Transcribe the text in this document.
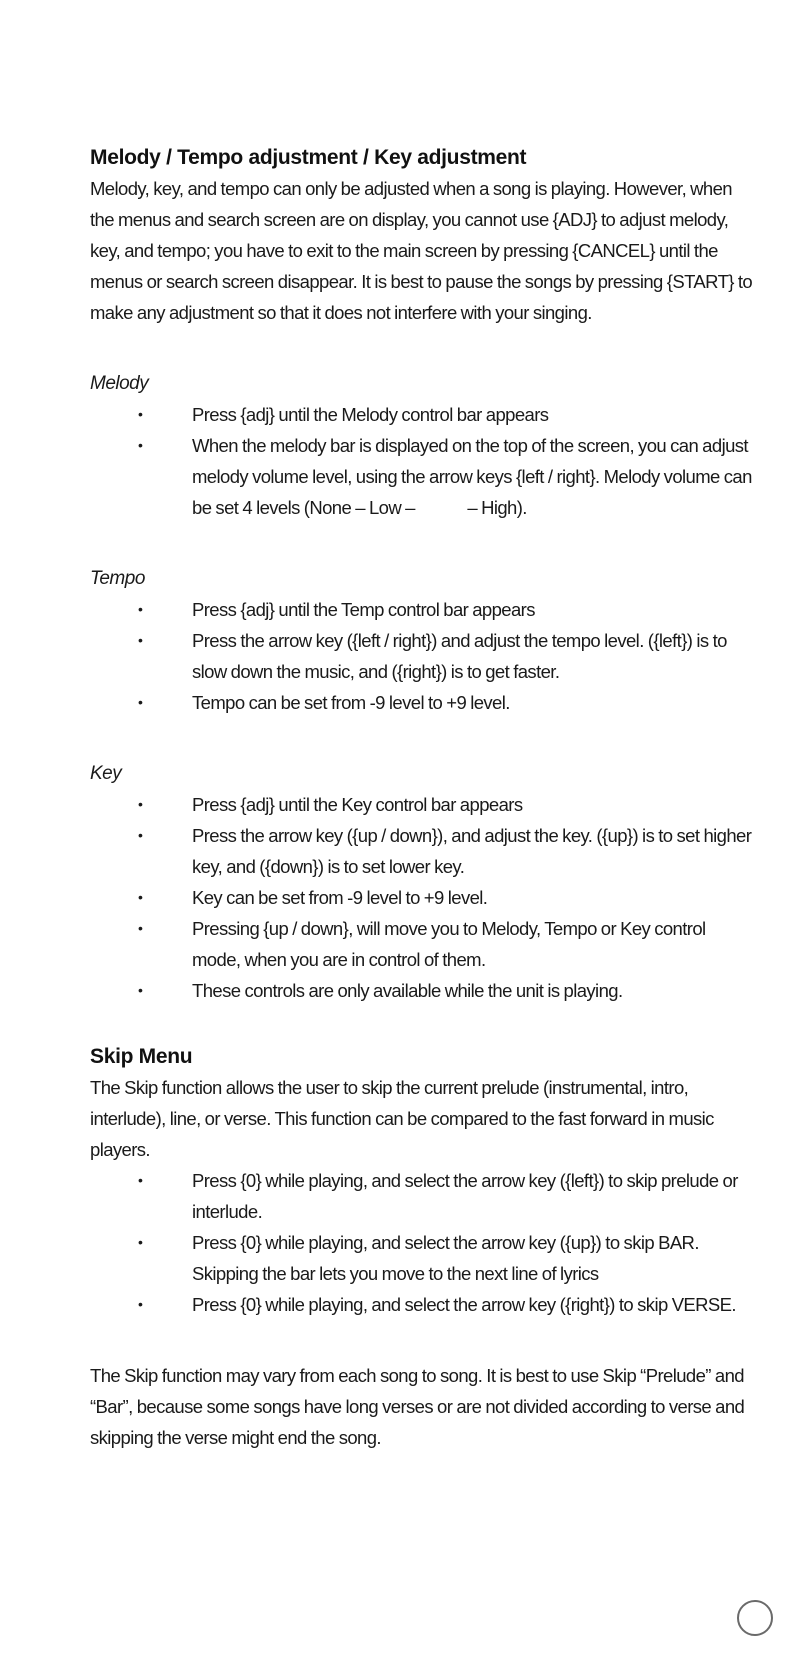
Melody / Tempo adjustment / Key adjustment

Melody, key, and tempo can only be adjusted when a song is playing. However, when the menus and search screen are on display, you cannot use {ADJ} to adjust melody, key, and tempo; you have to exit to the main screen by pressing {CANCEL} until the menus or search screen disappear. It is best to pause the songs by pressing {START} to make any adjustment so that it does not interfere with your singing.

Melody
•	Press {adj} until the Melody control bar appears
•	When the melody bar is displayed on the top of the screen, you can adjust melody volume level, using the arrow keys {left / right}. Melody volume can be set 4 levels (None – Low –             – High).
Tempo
•	Press {adj} until the Temp control bar appears
•	Press the arrow key ({left / right}) and adjust the tempo level. ({left}) is to slow down the music, and ({right}) is to get faster.
•	Tempo can be set from -9 level to +9 level.
Key
•	Press {adj} until the Key control bar appears
•	Press the arrow key ({up / down}), and adjust the key. ({up}) is to set higher key, and ({down}) is to set lower key.
•	Key can be set from -9 level to +9 level.
•	Pressing {up / down}, will move you to Melody, Tempo or Key control mode, when you are in control of them.
•	These controls are only available while the unit is playing.
Skip Menu

The Skip function allows the user to skip the current prelude (instrumental, intro, interlude), line, or verse. This function can be compared to the fast forward in music players.

•	Press {0} while playing, and select the arrow key ({left}) to skip prelude or interlude.
•	Press {0} while playing, and select the arrow key ({up}) to skip BAR. Skipping the bar lets you move to the next line of lyrics
•	Press {0} while playing, and select the arrow key ({right}) to skip VERSE.

The Skip function may vary from each song to song. It is best to use Skip “Prelude” and “Bar”, because some songs have long verses or are not divided according to verse and skipping the verse might end the song.
